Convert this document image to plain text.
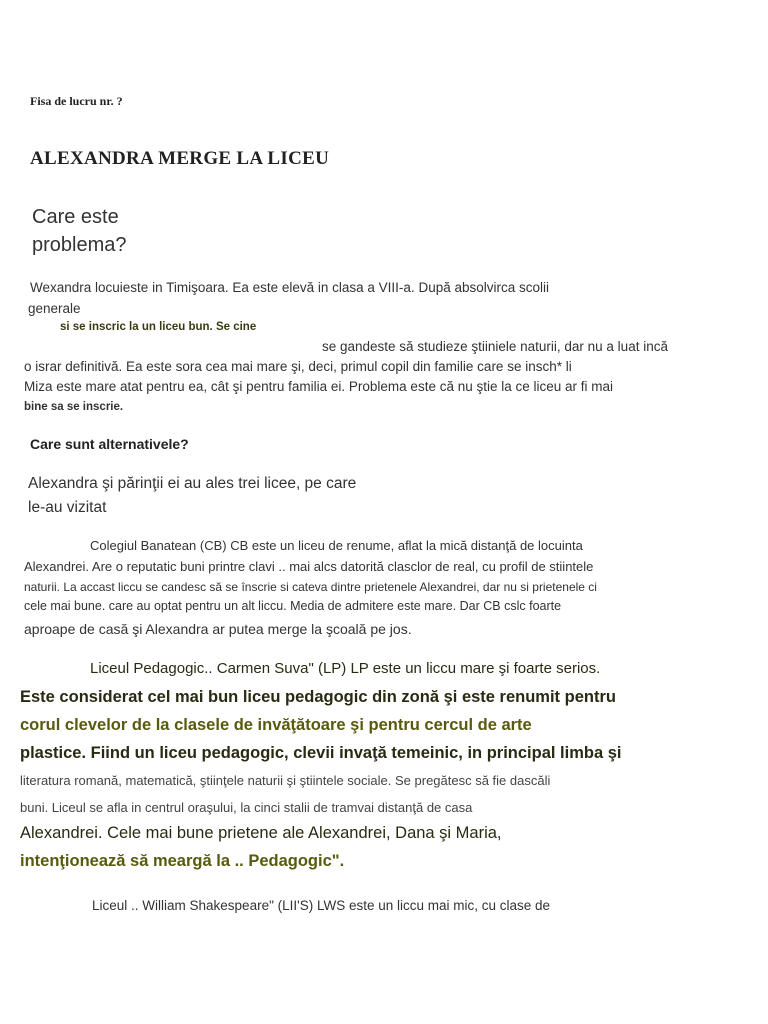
Fisa de lucru nr. ?
ALEXANDRA MERGE LA LICEU
Care este
problema?
Wexandra locuieste in Timişoara. Ea este elevă in clasa a VIII-a. După absolvirca scolii
generale
si se inscric la un liceu bun. Se cine
se gandeste să studieze ştiiniele naturii, dar nu a luat incă
o israr definitivă. Ea este sora cea mai mare şi, deci, primul copil din familie care se insch* li
Miza este mare atat pentru ea, cât şi pentru familia ei. Problema este că nu ştie la ce liceu ar fi mai
bine sa se inscrie.
Care sunt alternativele?
Alexandra şi părinţii ei au ales trei licee, pe care
le-au vizitat
Colegiul Banatean (CB) CB este un liceu de renume, aflat la mică distanţă de locuinta
Alexandrei. Are o reputatic buni printre clavi .. mai alcs datorită clasclor de real, cu profil de stiintele
naturii. La accast liccu se candesc să se înscrie si cateva dintre prietenele Alexandrei, dar nu si prietenele ci
cele mai bune. care au optat pentru un alt liccu. Media de admitere este mare. Dar CB cslc foarte
aproape de casă şi Alexandra ar putea merge la şcoală pe jos.
Liceul Pedagogic.. Carmen Suva" (LP) LP este un liccu mare şi foarte serios.
Este considerat cel mai bun liceu pedagogic din zonă şi este renumit pentru
corul clevelor de la clasele de invăţătoare şi pentru cercul de arte
plastice. Fiind un liceu pedagogic, clevii invaţă temeinic, in principal limba şi
literatura romană, matematică, ştiinţele naturii şi ştiintele sociale. Se pregătesc să fie dascăli
buni. Liceul se afla in centrul oraşului, la cinci stalii de tramvai distanţă de casa
Alexandrei. Cele mai bune prietene ale Alexandrei, Dana şi Maria,
intenţionează să meargă la .. Pedagogic".
Liceul .. William Shakespeare" (LII'S) LWS este un liccu mai mic, cu clase de
